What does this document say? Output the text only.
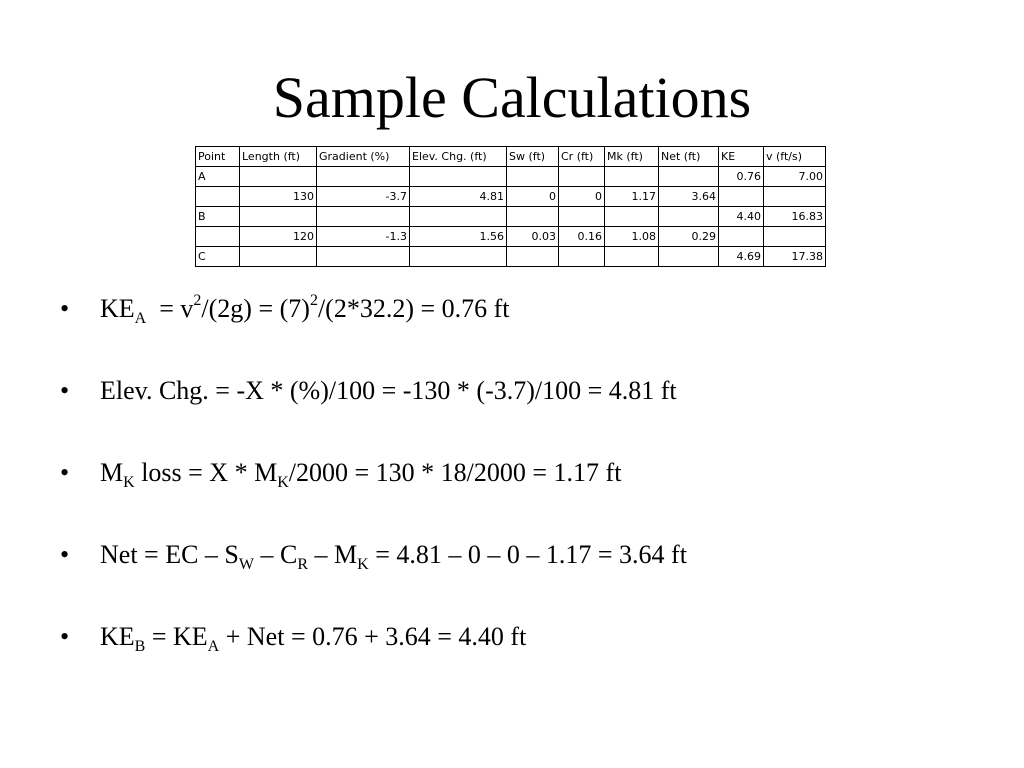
Sample Calculations
Point	Length (ft)	Gradient (%)	Elev. Chg. (ft)	Sw (ft)	Cr (ft)	Mk (ft)	Net (ft)	KE	v (ft/s)
A								0.76	7.00
	130	-3.7	4.81	0	0	1.17	3.64		
B								4.40	16.83
	120	-1.3	1.56	0.03	0.16	1.08	0.29		
C								4.69	17.38
•	$KE_A = v^2/(2g) = (7)^2/(2*32.2) = 0.76$ ft
•	Elev. Chg. = -X * (%)/100 = -130 * (-3.7)/100 = 4.81 ft
•	$M_K$ loss = $X * M_K/2000 = 130 * 18/2000 = 1.17$ ft
•	Net = EC – $S_W - C_R - M_K = 4.81 - 0 - 0 - 1.17 = 3.64$ ft
•	$KE_B = KE_A$ + Net = 0.76 + 3.64 = 4.40 ft
